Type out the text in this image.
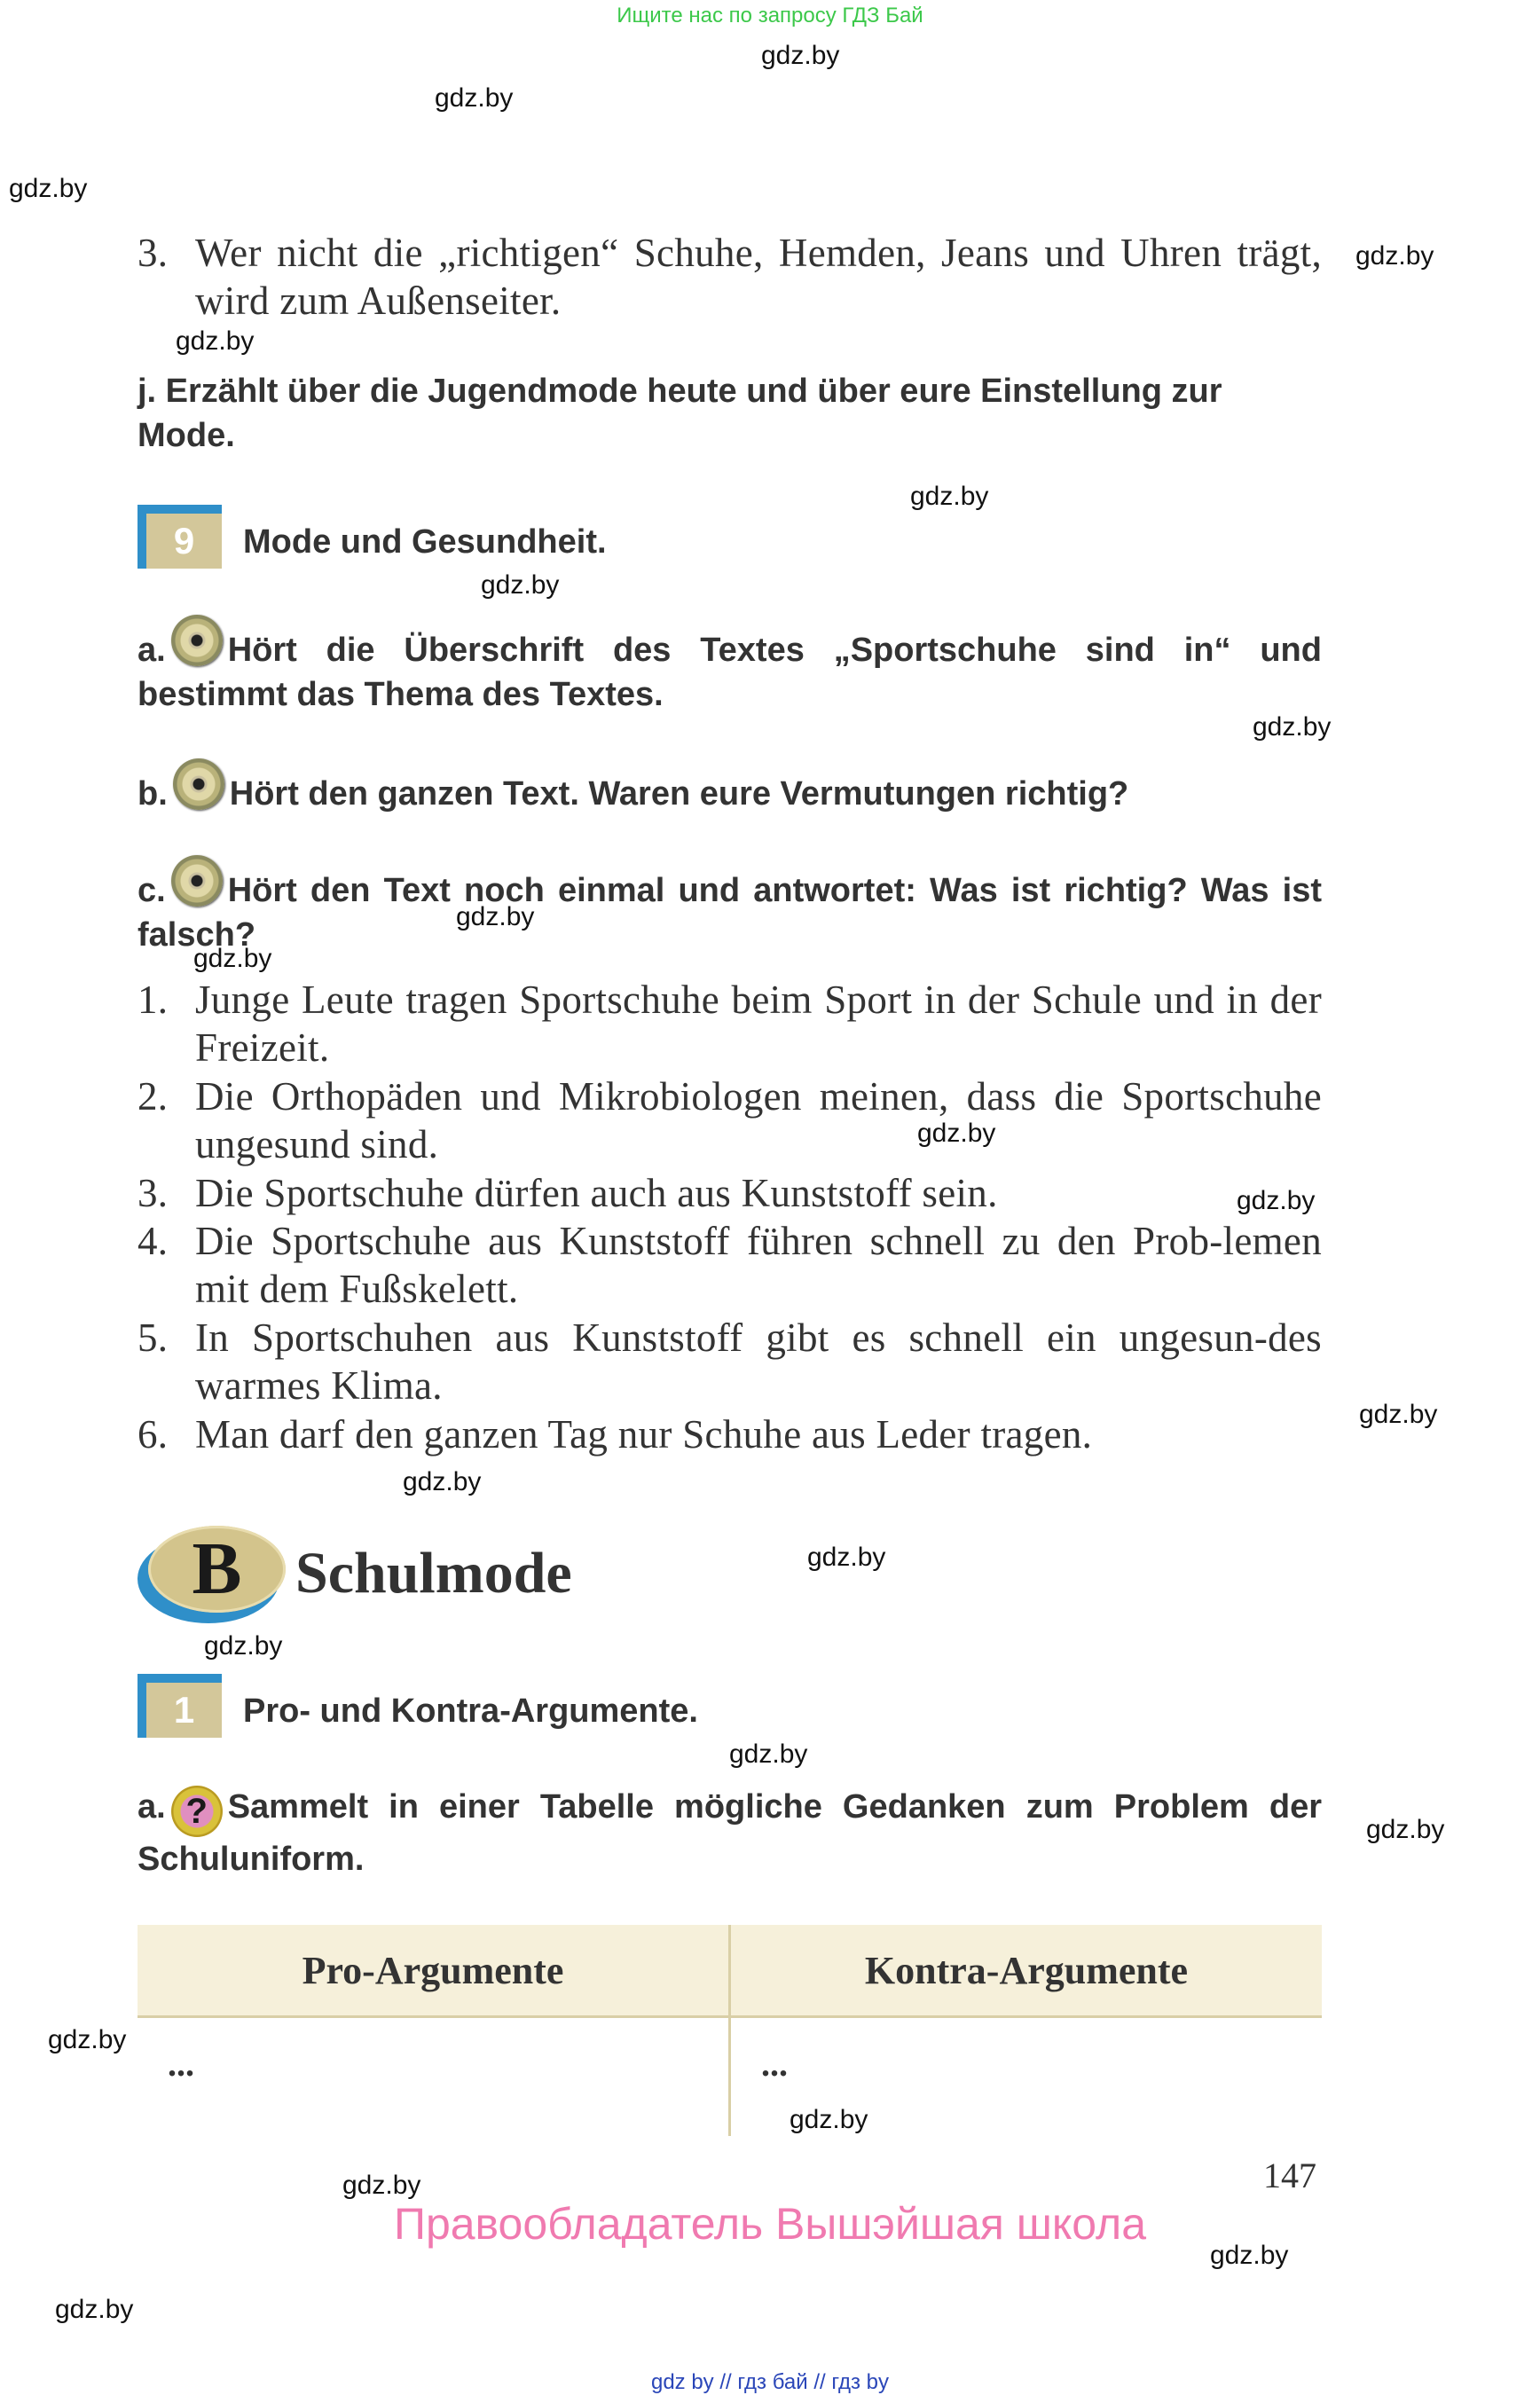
Ищите нас по запросу ГДЗ Бай
gdz.by
gdz.by
gdz.by
gdz.by
gdz.by
gdz.by
gdz.by
gdz.by
gdz.by
gdz.by
gdz.by
gdz.by
gdz.by
gdz.by
gdz.by
gdz.by
gdz.by
gdz.by
gdz.by
gdz.by
gdz.by
gdz.by
gdz.by
3. Wer nicht die „richtigen“ Schuhe, Hemden, Jeans und Uhren trägt, wird zum Außenseiter.
j. Erzählt über die Jugendmode heute und über eure Einstellung zur Mode.
9	Mode und Gesundheit.
a. Hört die Überschrift des Textes „Sportschuhe sind in“ und bestimmt das Thema des Textes.
b. Hört den ganzen Text. Waren eure Vermutungen richtig?
c. Hört den Text noch einmal und antwortet: Was ist richtig? Was ist falsch?
1. Junge Leute tragen Sportschuhe beim Sport in der Schule und in der Freizeit.
2. Die Orthopäden und Mikrobiologen meinen, dass die Sportschuhe ungesund sind.
3. Die Sportschuhe dürfen auch aus Kunststoff sein.
4. Die Sportschuhe aus Kunststoff führen schnell zu den Prob-lemen mit dem Fußskelett.
5. In Sportschuhen aus Kunststoff gibt es schnell ein ungesun-des warmes Klima.
6. Man darf den ganzen Tag nur Schuhe aus Leder tragen.
B Schulmode
1	Pro- und Kontra-Argumente.
a. ? Sammelt in einer Tabelle mögliche Gedanken zum Problem der Schuluniform.
Pro-Argumente	Kontra-Argumente
...	...
147
Правообладатель Вышэйшая школа
gdz by // гдз бай // гдз by
